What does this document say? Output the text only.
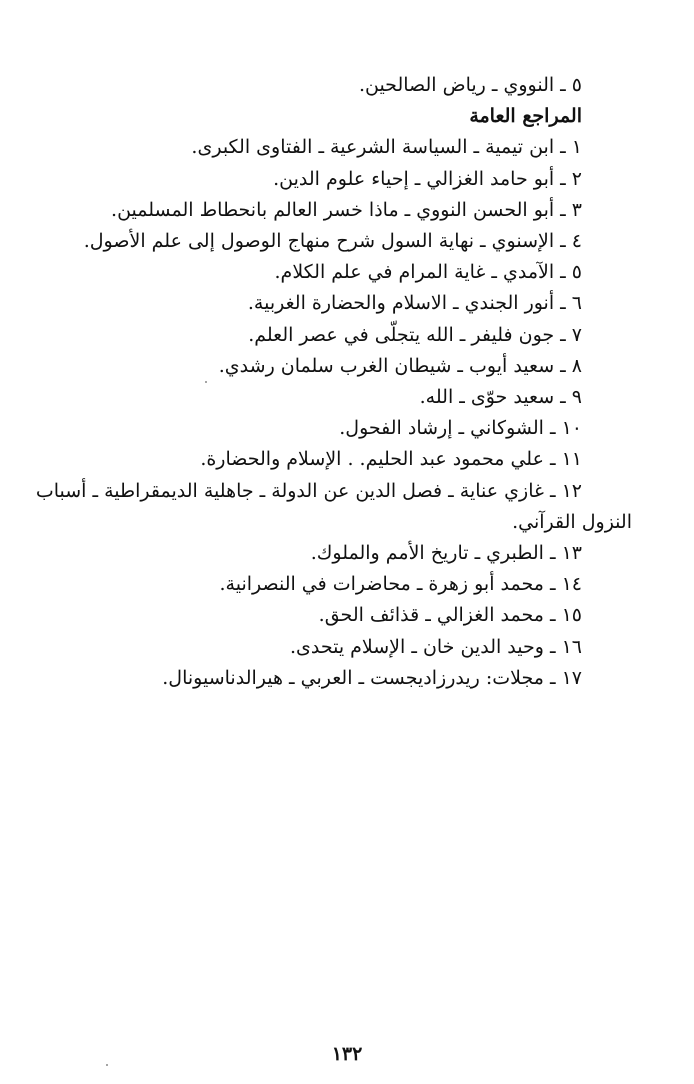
٥ ـ النووي ـ رياض الصالحين.
المراجع العامة
١ ـ ابن تيمية ـ السياسة الشرعية ـ الفتاوى الكبرى.
٢ ـ أبو حامد الغزالي ـ إحياء علوم الدين.
٣ ـ أبو الحسن النووي ـ ماذا خسر العالم بانحطاط المسلمين.
٤ ـ الإسنوي ـ نهاية السول شرح منهاج الوصول إلى علم الأصول.
٥ ـ الآمدي ـ غاية المرام في علم الكلام.
٦ ـ أنور الجندي ـ الاسلام والحضارة الغربية.
٧ ـ جون فليفر ـ الله يتجلّى في عصر العلم.
٨ ـ سعيد أيوب ـ شيطان الغرب سلمان رشدي.
٩ ـ سعيد حوّى ـ الله.
١٠ ـ الشوكاني ـ إرشاد الفحول.
١١ ـ علي محمود عبد الحليم. . الإسلام والحضارة.
١٢ ـ غازي عناية ـ فصل الدين عن الدولة ـ جاهلية الديمقراطية ـ أسباب
النزول القرآني.
١٣ ـ الطبري ـ تاريخ الأمم والملوك.
١٤ ـ محمد أبو زهرة ـ محاضرات في النصرانية.
١٥ ـ محمد الغزالي ـ قذائف الحق.
١٦ ـ وحيد الدين خان ـ الإسلام يتحدى.
١٧ ـ مجلات: ريدرزاديجست ـ العربي ـ هيرالدناسيونال.
١٣٢
